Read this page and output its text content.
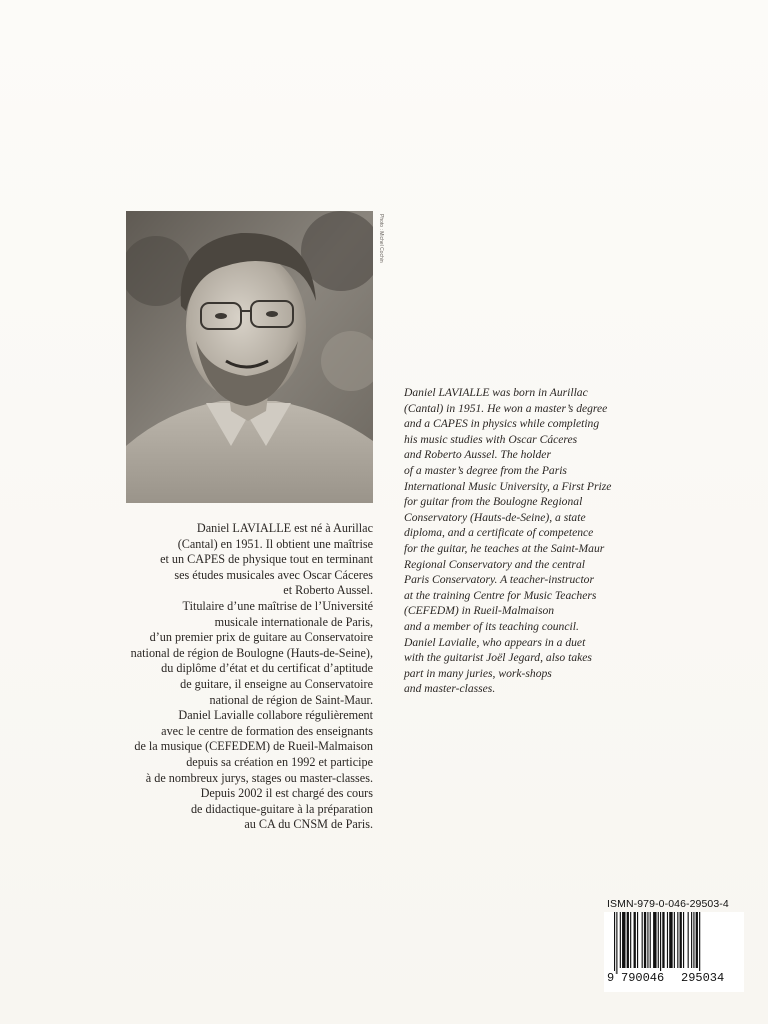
Photo : Michel Cochin
Daniel LAVIALLE est né à Aurillac
(Cantal) en 1951. Il obtient une maîtrise
et un CAPES de physique tout en terminant
ses études musicales avec Oscar Cáceres
et Roberto Aussel.
Titulaire d’une maîtrise de l’Université
musicale internationale de Paris,
d’un premier prix de guitare au Conservatoire
national de région de Boulogne (Hauts-de-Seine),
du diplôme d’état et du certificat d’aptitude
de guitare, il enseigne au Conservatoire
national de région de Saint-Maur.
Daniel Lavialle collabore régulièrement
avec le centre de formation des enseignants
de la musique (CEFEDEM) de Rueil-Malmaison
depuis sa création en 1992 et participe
à de nombreux jurys, stages ou master-classes.
Depuis 2002 il est chargé des cours
de didactique-guitare à la préparation
au CA du CNSM de Paris.
Daniel LAVIALLE was born in Aurillac
(Cantal) in 1951. He won a master’s degree
and a CAPES in physics while completing
his music studies with Oscar Cáceres
and Roberto Aussel. The holder
of a master’s degree from the Paris
International Music University, a First Prize
for guitar from the Boulogne Regional
Conservatory (Hauts-de-Seine), a state
diploma, and a certificate of competence
for the guitar, he teaches at the Saint-Maur
Regional Conservatory and the central
Paris Conservatory. A teacher-instructor
at the training Centre for Music Teachers
(CEFEDM) in Rueil-Malmaison
and a member of its teaching council.
Daniel Lavialle, who appears in a duet
with the guitarist Joël Jegard, also takes
part in many juries, work-shops
and master-classes.
ISMN-979-0-046-29503-4
9 790046 295034
